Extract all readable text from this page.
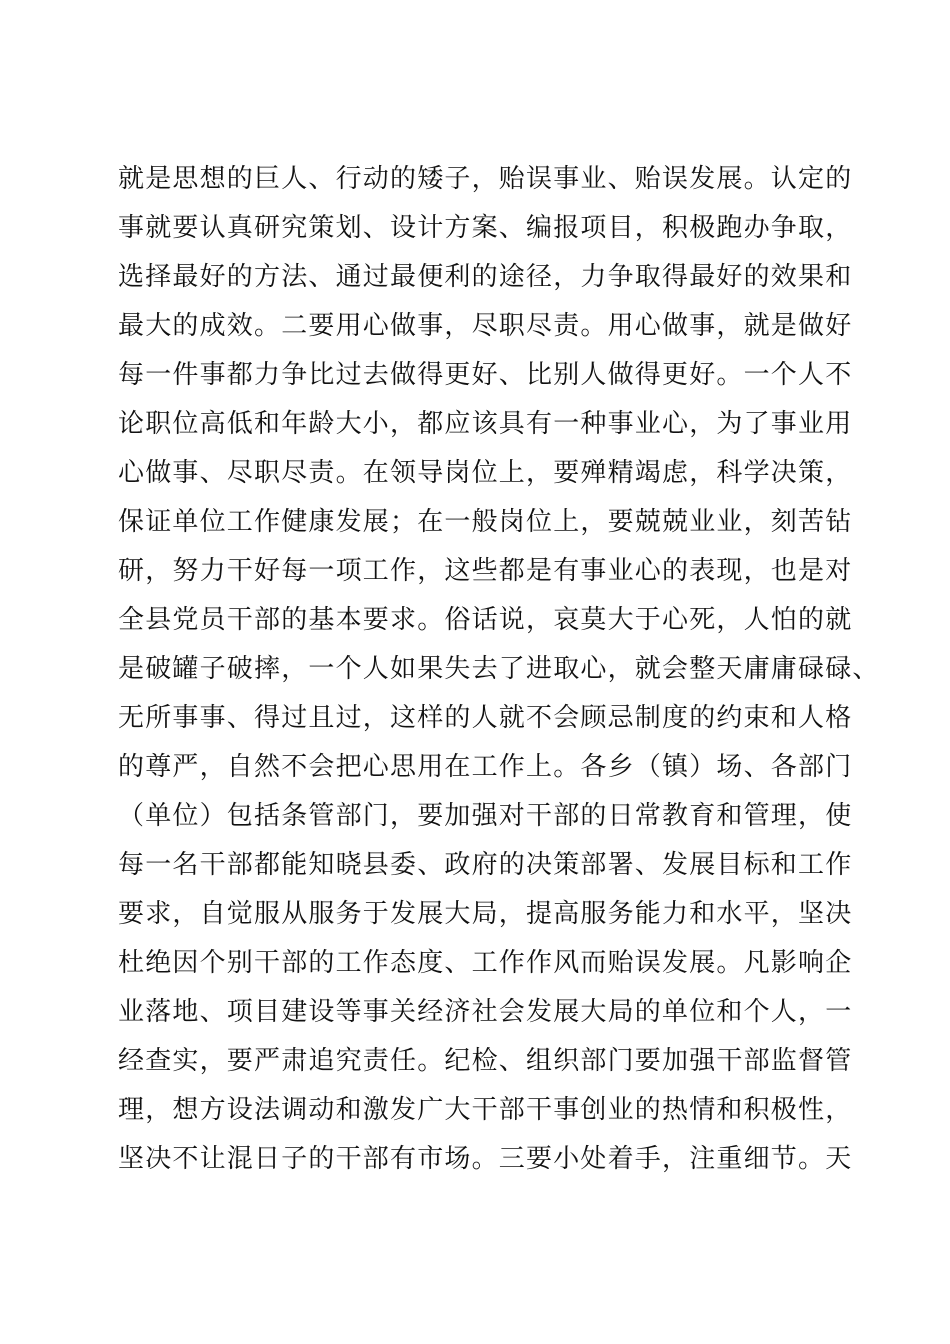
就是思想的巨人、行动的矮子，贻误事业、贻误发展。认定的
事就要认真研究策划、设计方案、编报项目，积极跑办争取，
选择最好的方法、通过最便利的途径，力争取得最好的效果和
最大的成效。二要用心做事，尽职尽责。用心做事，就是做好
每一件事都力争比过去做得更好、比别人做得更好。一个人不
论职位高低和年龄大小，都应该具有一种事业心，为了事业用
心做事、尽职尽责。在领导岗位上，要殚精竭虑，科学决策，
保证单位工作健康发展；在一般岗位上，要兢兢业业，刻苦钻
研，努力干好每一项工作，这些都是有事业心的表现，也是对
全县党员干部的基本要求。俗话说，哀莫大于心死，人怕的就
是破罐子破摔，一个人如果失去了进取心，就会整天庸庸碌碌、
无所事事、得过且过，这样的人就不会顾忌制度的约束和人格
的尊严，自然不会把心思用在工作上。各乡（镇）场、各部门
（单位）包括条管部门，要加强对干部的日常教育和管理，使
每一名干部都能知晓县委、政府的决策部署、发展目标和工作
要求，自觉服从服务于发展大局，提高服务能力和水平，坚决
杜绝因个别干部的工作态度、工作作风而贻误发展。凡影响企
业落地、项目建设等事关经济社会发展大局的单位和个人，一
经查实，要严肃追究责任。纪检、组织部门要加强干部监督管
理，想方设法调动和激发广大干部干事创业的热情和积极性，
坚决不让混日子的干部有市场。三要小处着手，注重细节。天
